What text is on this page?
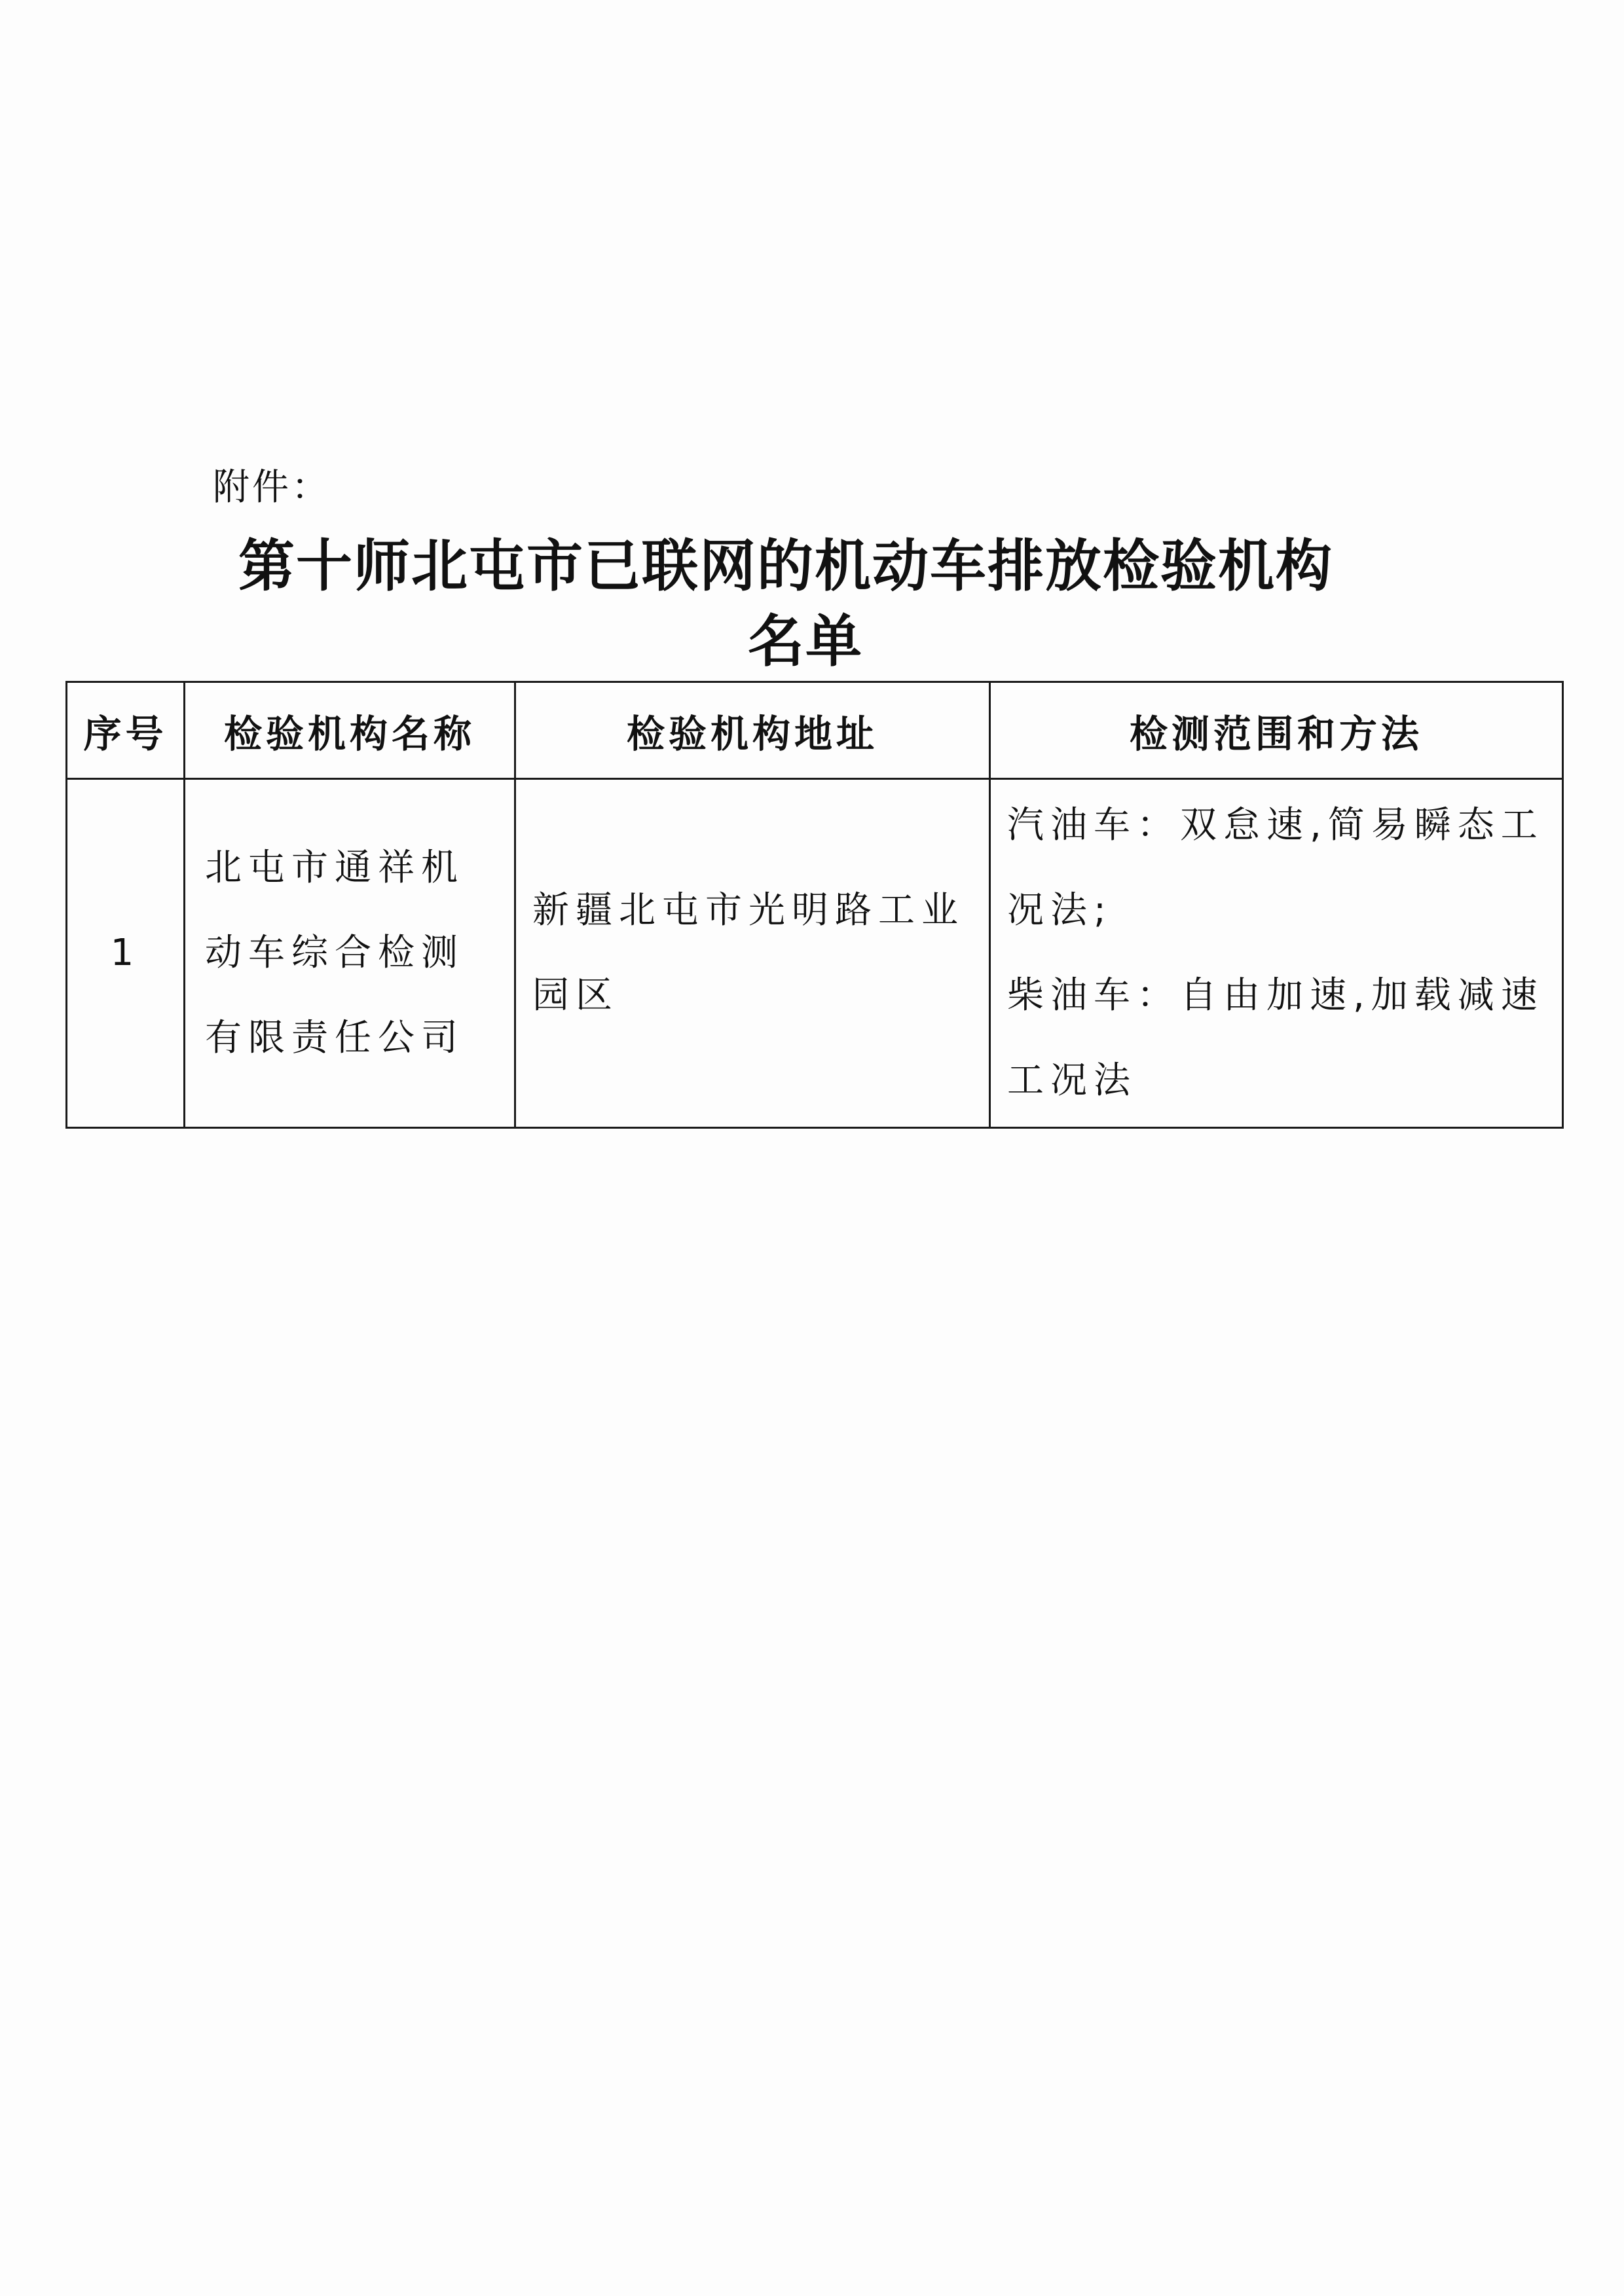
附件：
第十师北屯市已联网的机动车排放检验机构
名单
序号	检验机构名称	检验机构地址	检测范围和方法
1	北屯市通祥机动车综合检测有限责任公司	新疆北屯市光明路工业园区	汽油车：双怠速,简易瞬态工况法;
柴油车：自由加速,加载减速工况法
